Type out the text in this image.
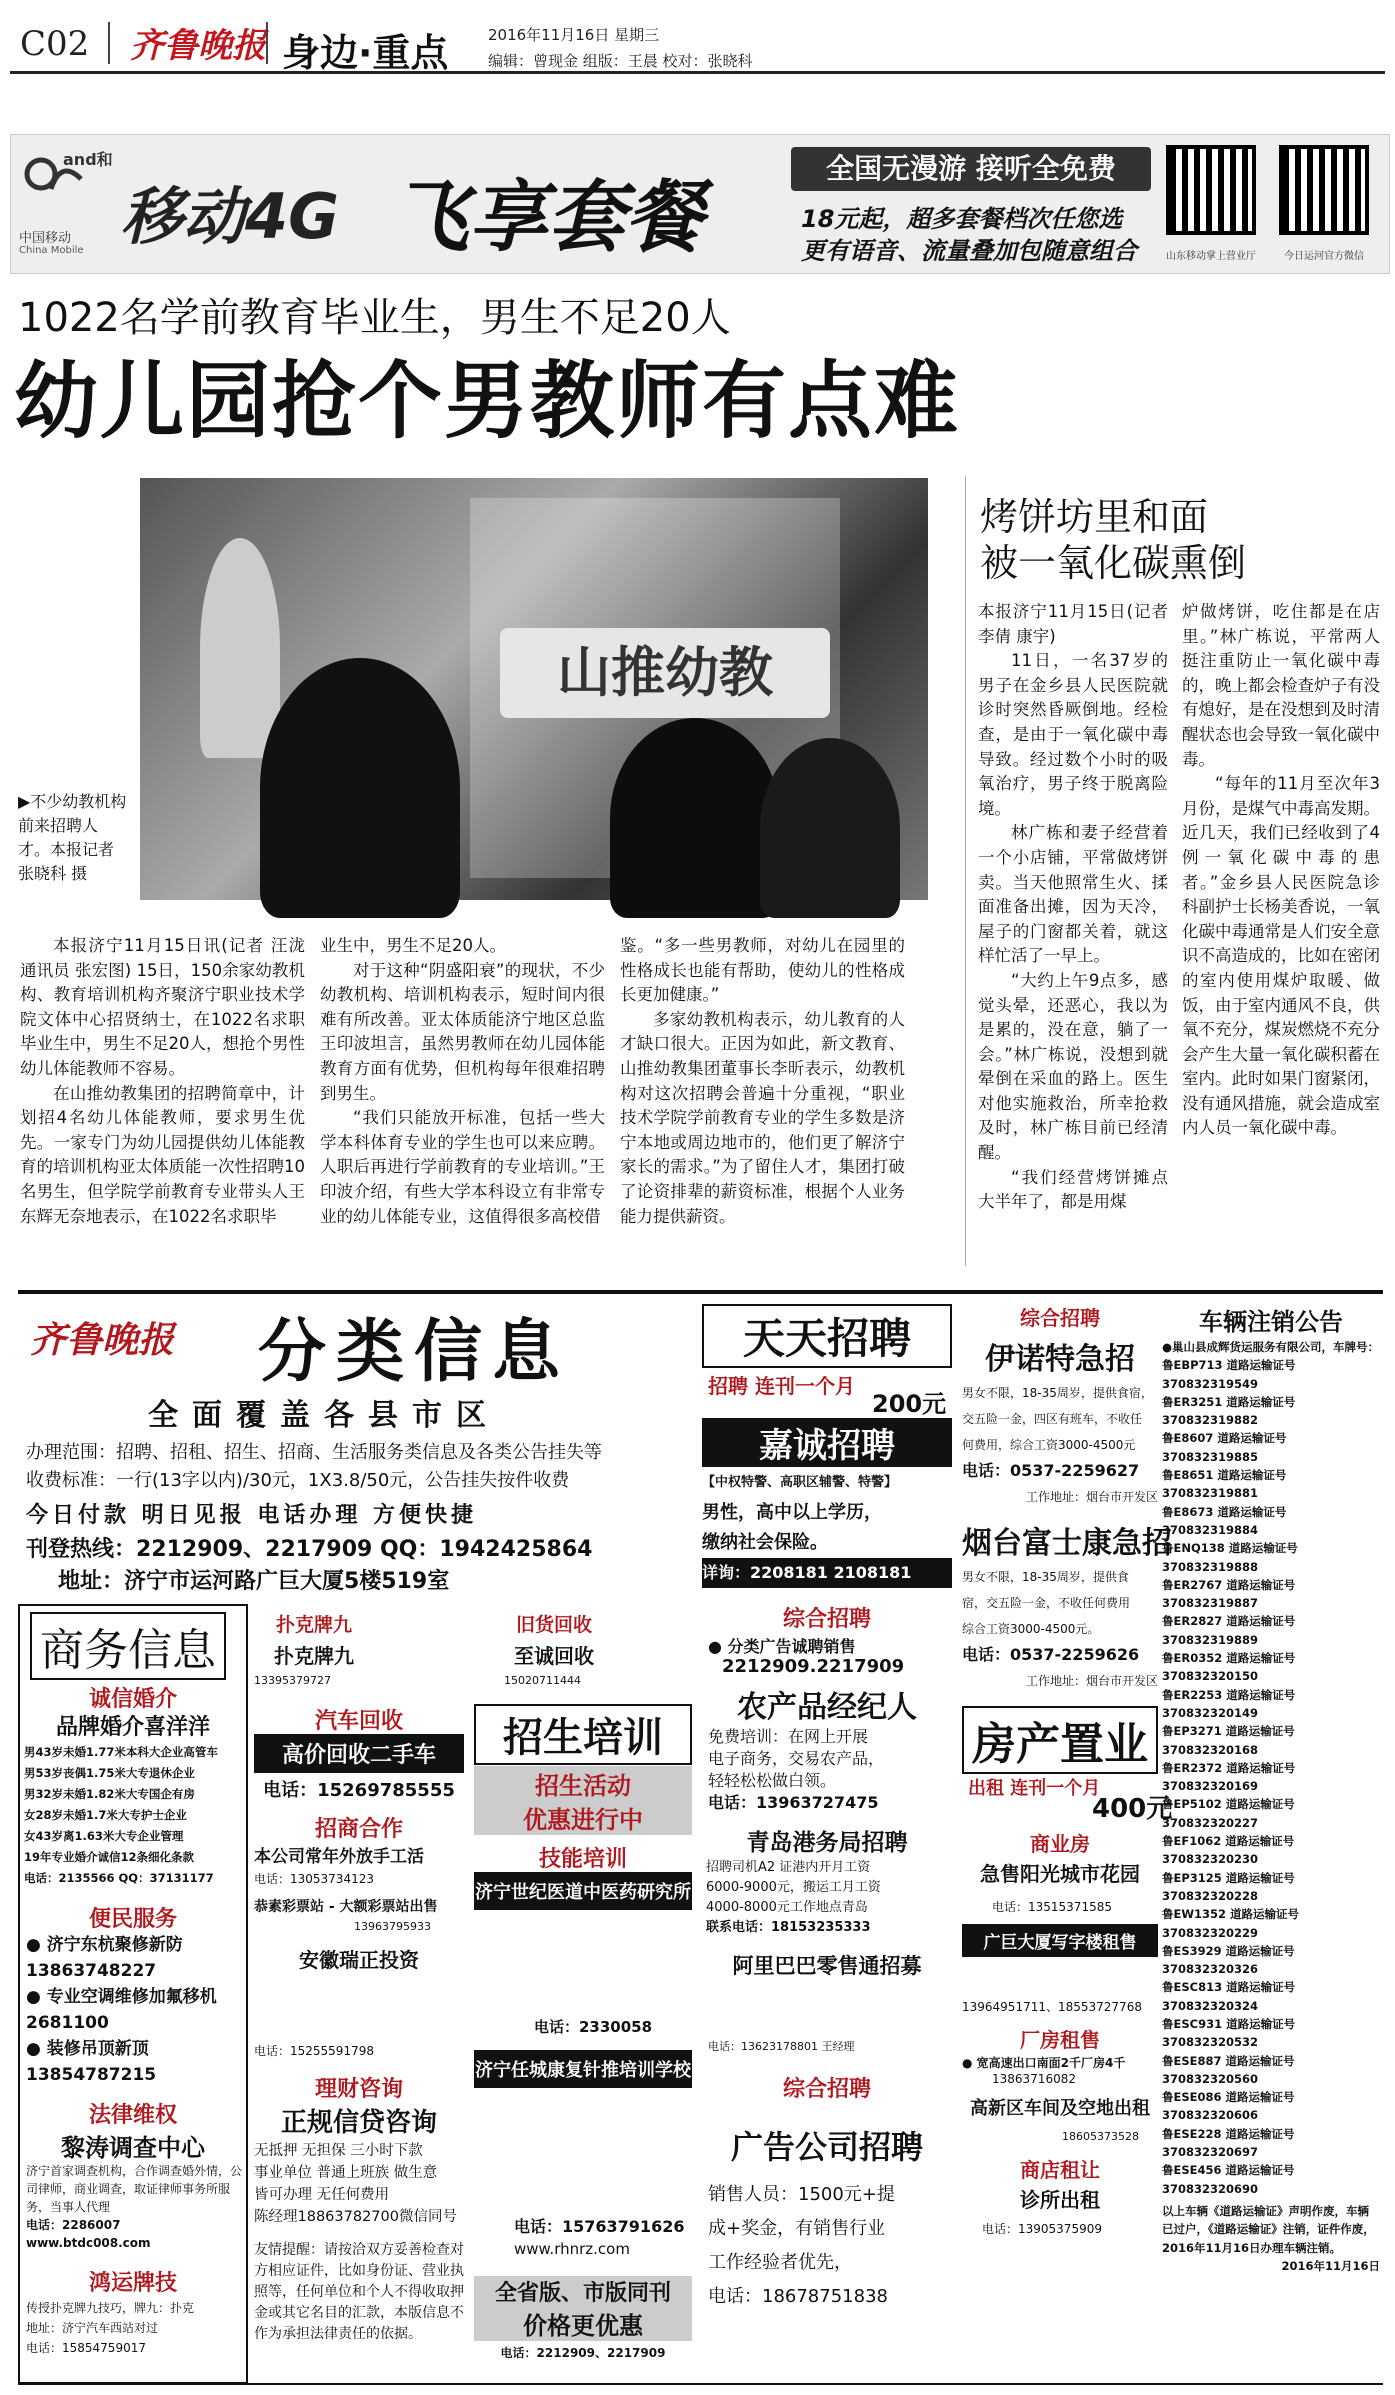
C02 齐鲁晚报 身边·重点	2016年11月16日 星期三
编辑：曾现金 组版：王晨 校对：张晓科
and和
中国移动
China Mobile 移动4G 飞享套餐
全国无漫游 接听全免费
18元起，超多套餐档次任您选
更有语音、流量叠加包随意组合	山东移动掌上营业厅	今日运河官方微信
1022名学前教育毕业生，男生不足20人
幼儿园抢个男教师有点难
山推幼教
▶不少幼教机构前来招聘人才。本报记者 张晓科 摄

本报济宁11月15日讯(记者 汪泷 通讯员 张宏图) 15日，150余家幼教机构、教育培训机构齐聚济宁职业技术学院文体中心招贤纳士，在1022名求职毕业生中，男生不足20人，想抢个男性幼儿体能教师不容易。

在山推幼教集团的招聘简章中，计划招4名幼儿体能教师，要求男生优先。一家专门为幼儿园提供幼儿体能教育的培训机构亚太体质能一次性招聘10名男生，但学院学前教育专业带头人王东辉无奈地表示，在1022名求职毕

业生中，男生不足20人。

对于这种“阴盛阳衰”的现状，不少幼教机构、培训机构表示，短时间内很难有所改善。亚太体质能济宁地区总监王印波坦言，虽然男教师在幼儿园体能教育方面有优势，但机构每年很难招聘到男生。

“我们只能放开标准，包括一些大学本科体育专业的学生也可以来应聘。人职后再进行学前教育的专业培训。”王印波介绍，有些大学本科设立有非常专业的幼儿体能专业，这值得很多高校借

鉴。“多一些男教师，对幼儿在园里的性格成长也能有帮助，使幼儿的性格成长更加健康。”

多家幼教机构表示，幼儿教育的人才缺口很大。正因为如此，新文教育、山推幼教集团董事长李昕表示，幼教机构对这次招聘会普遍十分重视，“职业技术学院学前教育专业的学生多数是济宁本地或周边地市的，他们更了解济宁家长的需求。”为了留住人才，集团打破了论资排辈的薪资标准，根据个人业务能力提供薪资。

烤饼坊里和面
被一氧化碳熏倒

本报济宁11月15日(记者 李倩 康宇)

11日，一名37岁的男子在金乡县人民医院就诊时突然昏厥倒地。经检查，是由于一氧化碳中毒导致。经过数个小时的吸氧治疗，男子终于脱离险境。

林广栋和妻子经营着一个小店铺，平常做烤饼卖。当天他照常生火、揉面准备出摊，因为天冷，屋子的门窗都关着，就这样忙活了一早上。

“大约上午9点多，感觉头晕，还恶心，我以为是累的，没在意，躺了一会。”林广栋说，没想到就晕倒在采血的路上。医生对他实施救治，所幸抢救及时，林广栋目前已经清醒。

“我们经营烤饼摊点大半年了，都是用煤

炉做烤饼，吃住都是在店里。”林广栋说，平常两人挺注重防止一氧化碳中毒的，晚上都会检查炉子有没有熄好，是在没想到及时清醒状态也会导致一氧化碳中毒。

“每年的11月至次年3月份，是煤气中毒高发期。近几天，我们已经收到了4例一氧化碳中毒的患者。”金乡县人民医院急诊科副护士长杨美香说，一氧化碳中毒通常是人们安全意识不高造成的，比如在密闭的室内使用煤炉取暖、做饭，由于室内通风不良，供氧不充分，煤炭燃烧不充分会产生大量一氧化碳积蓄在室内。此时如果门窗紧闭，没有通风措施，就会造成室内人员一氧化碳中毒。

齐鲁晚报 分类信息
全面覆盖各县市区
办理范围：招聘、招租、招生、招商、生活服务类信息及各类公告挂失等
收费标准：一行(13字以内)/30元，1X3.8/50元，公告挂失按件收费
今日付款 明日见报 电话办理 方便快捷
刊登热线：2212909、2217909 QQ：1942425864
地址：济宁市运河路广巨大厦5楼519室
商务信息
诚信婚介
品牌婚介喜洋洋
男43岁未婚1.77米本科大企业高管车
男53岁丧偶1.75米大专退休企业
男32岁未婚1.82米大专国企有房
女28岁未婚1.7米大专护士企业
女43岁离1.63米大专企业管理
19年专业婚介诚信12条细化条款
电话：2135566 QQ：37131177
便民服务
● 济宁东杭聚修新防
13863748227
● 专业空调维修加氟移机
2681100
● 装修吊顶新顶
13854787215
法律维权
黎涛调查中心
济宁首家调查机构，合作调查婚外情，公司律师，商业调查，取证律师事务所服务，当事人代理
电话：2286007 www.btdc008.com
鸿运牌技
传授扑克牌九技巧，牌九：扑克
地址：济宁汽车西站对过
电话：15854759017
扑克牌九
扑克牌九
13395379727
旧货回收
至诚回收
15020711444
汽车回收
高价回收二手车
电话：15269785555
招商合作
本公司常年外放手工活
电话：13053734123
恭素彩票站 - 大额彩票站出售
13963795933
安徽瑞正投资
电话：15255591798
理财咨询
正规信贷咨询
无抵押 无担保 三小时下款
事业单位 普通上班族 做生意
皆可办理 无任何费用
陈经理18863782700微信同号
友情提醒：请按洽双方妥善检查对方相应证件，比如身份证、营业执照等，任何单位和个人不得收取押金或其它名目的汇款，本版信息不作为承担法律责任的依据。
招生培训
招生活动
优惠进行中
技能培训
济宁世纪医道中医药研究所
电话：2330058
济宁任城康复针推培训学校
电话：15763791626
www.rhnrz.com
全省版、市版同刊
价格更优惠
电话：2212909、2217909
天天招聘
招聘 连刊一个月
200元
嘉诚招聘
【中权特警、高职区辅警、特警】
男性，高中以上学历，
缴纳社会保险。
详询：2208181 2108181
综合招聘
● 分类广告诚聘销售
2212909.2217909
农产品经纪人
免费培训：在网上开展
电子商务，交易农产品，
轻轻松松做白领。
电话：13963727475
青岛港务局招聘
招聘司机A2 证港内开月工资
6000-9000元，搬运工月工资
4000-8000元工作地点青岛
联系电话：18153235333
阿里巴巴零售通招募
电话：13623178801 王经理
综合招聘
广告公司招聘
销售人员：1500元+提
成+奖金，有销售行业
工作经验者优先，
电话：18678751838
综合招聘
伊诺特急招
男女不限，18-35周岁，提供食宿，
交五险一金，四区有班车，不收任
何费用，综合工资3000-4500元
电话：0537-2259627
工作地址：烟台市开发区
烟台富士康急招
男女不限，18-35周岁，提供食
宿，交五险一金，不收任何费用
综合工资3000-4500元。
电话：0537-2259626
工作地址：烟台市开发区
房产置业
出租 连刊一个月
400元
商业房
急售阳光城市花园
电话：13515371585
广巨大厦写字楼租售
13964951711、18553727768
厂房租售
● 宽高速出口南面2千厂房4千
13863716082
高新区车间及空地出租
18605373528
商店租让
诊所出租
电话：13905375909
车辆注销公告
●巢山县成辉货运服务有限公司，车牌号：
鲁EBP713 道路运输证号370832319549
鲁ER3251 道路运输证号370832319882
鲁E8607 道路运输证号370832319885
鲁E8651 道路运输证号370832319881
鲁E8673 道路运输证号370832319884
鲁ENQ138 道路运输证号370832319888
鲁ER2767 道路运输证号370832319887
鲁ER2827 道路运输证号370832319889
鲁ER0352 道路运输证号370832320150
鲁ER2253 道路运输证号370832320149
鲁EP3271 道路运输证号370832320168
鲁ER2372 道路运输证号370832320169
鲁EP5102 道路运输证号370832320227
鲁EF1062 道路运输证号370832320230
鲁EP3125 道路运输证号370832320228
鲁EW1352 道路运输证号370832320229
鲁ES3929 道路运输证号370832320326
鲁ESC813 道路运输证号370832320324
鲁ESC931 道路运输证号370832320532
鲁ESE887 道路运输证号370832320560
鲁ESE086 道路运输证号370832320606
鲁ESE228 道路运输证号370832320697
鲁ESE456 道路运输证号370832320690
以上车辆《道路运输证》声明作废，车辆已过户，《道路运输证》注销，证件作废，2016年11月16日办理车辆注销。
2016年11月16日
